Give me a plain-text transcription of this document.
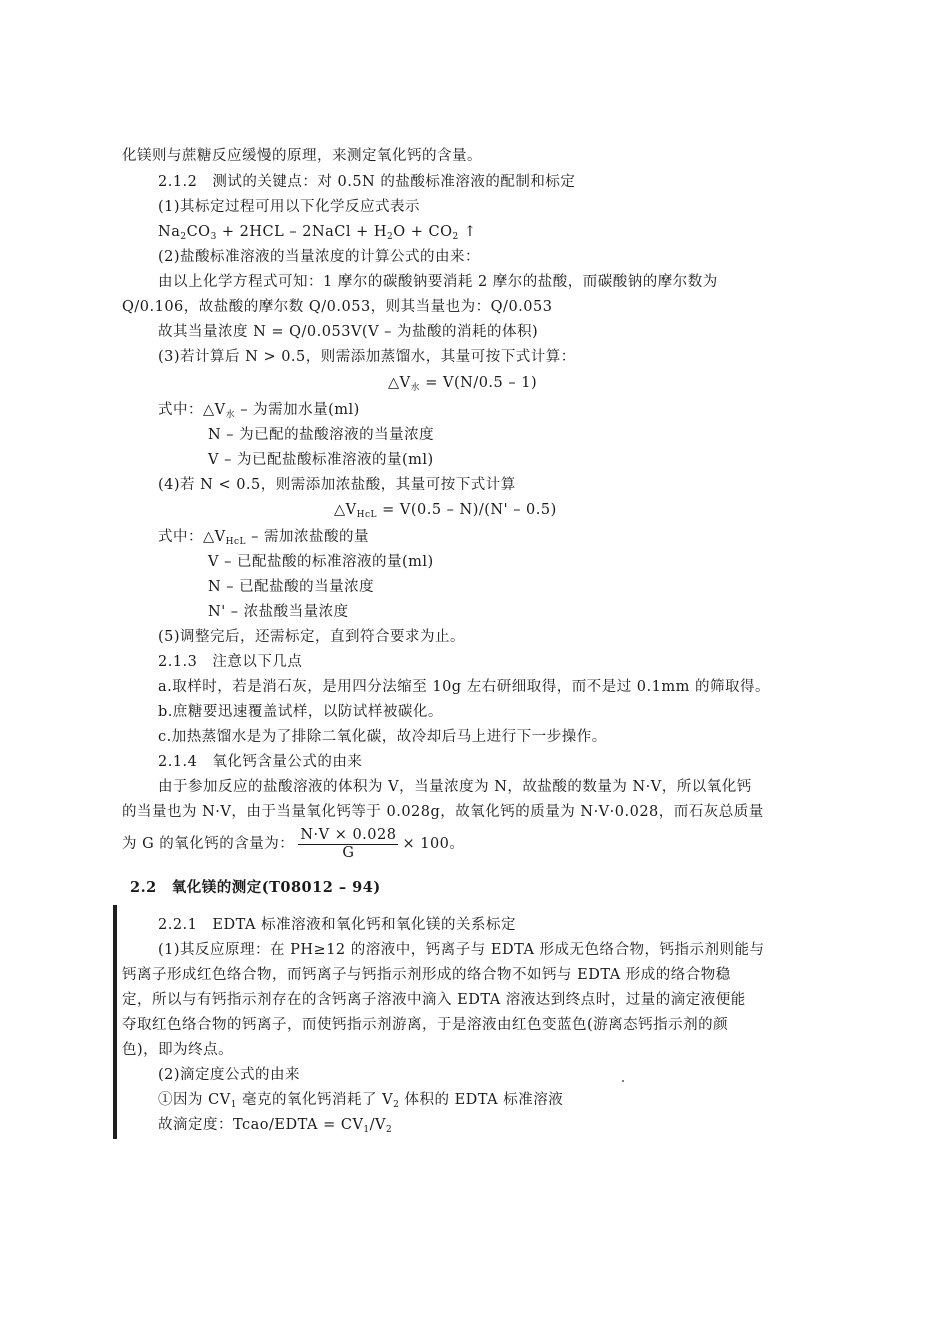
化镁则与蔗糖反应缓慢的原理，来测定氧化钙的含量。
2.1.2　测试的关键点：对 0.5N 的盐酸标准溶液的配制和标定
(1)其标定过程可用以下化学反应式表示
$Na_2CO_3 + 2HCL$ – 2NaCl + $H_2O + CO_2$ ↑
(2)盐酸标准溶液的当量浓度的计算公式的由来：
由以上化学方程式可知：1 摩尔的碳酸钠要消耗 2 摩尔的盐酸，而碳酸钠的摩尔数为
Q/0.106，故盐酸的摩尔数 Q/0.053，则其当量也为：Q/0.053
故其当量浓度 N = Q/0.053V(V – 为盐酸的消耗的体积)
(3)若计算后 N > 0.5，则需添加蒸馏水，其量可按下式计算：
$\triangle V_水 = V(N/0.5 - 1)$
式中：$\triangle V_水$ – 为需加水量(ml)
N – 为已配的盐酸溶液的当量浓度
V – 为已配盐酸标准溶液的量(ml)
(4)若 N < 0.5，则需添加浓盐酸，其量可按下式计算
$\triangle V_{HcL} = V(0.5 - N)/(N' - 0.5)$
式中：$\triangle V_{HcL}$ – 需加浓盐酸的量
V – 已配盐酸的标准溶液的量(ml)
N – 已配盐酸的当量浓度
N' – 浓盐酸当量浓度
(5)调整完后，还需标定，直到符合要求为止。
2.1.3　注意以下几点
a.取样时，若是消石灰，是用四分法缩至 10g 左右研细取得，而不是过 0.1mm 的筛取得。
b.庶糖要迅速覆盖试样，以防试样被碳化。
c.加热蒸馏水是为了排除二氧化碳，故冷却后马上进行下一步操作。
2.1.4　氧化钙含量公式的由来
由于参加反应的盐酸溶液的体积为 V，当量浓度为 N，故盐酸的数量为 N·V，所以氧化钙
的当量也为 N·V，由于当量氧化钙等于 0.028g，故氧化钙的质量为 N·V·0.028，而石灰总质量
为 G 的氧化钙的含量为： $\frac{N\cdot V \times 0.028}{G} \times 100$。
2.2　氧化镁的测定(T08012 – 94)
2.2.1　EDTA 标准溶液和氧化钙和氧化镁的关系标定
(1)其反应原理：在 PH≥12 的溶液中，钙离子与 EDTA 形成无色络合物，钙指示剂则能与
钙离子形成红色络合物，而钙离子与钙指示剂形成的络合物不如钙与 EDTA 形成的络合物稳
定，所以与有钙指示剂存在的含钙离子溶液中滴入 EDTA 溶液达到终点时，过量的滴定液便能
夺取红色络合物的钙离子，而使钙指示剂游离，于是溶液由红色变蓝色(游离态钙指示剂的颜
色)，即为终点。
(2)滴定度公式的由来
①因为 $CV_1$ 毫克的氧化钙消耗了 $V_2$ 体积的 EDTA 标准溶液
故滴定度：Tcao/EDTA = $CV_1/V_2$
